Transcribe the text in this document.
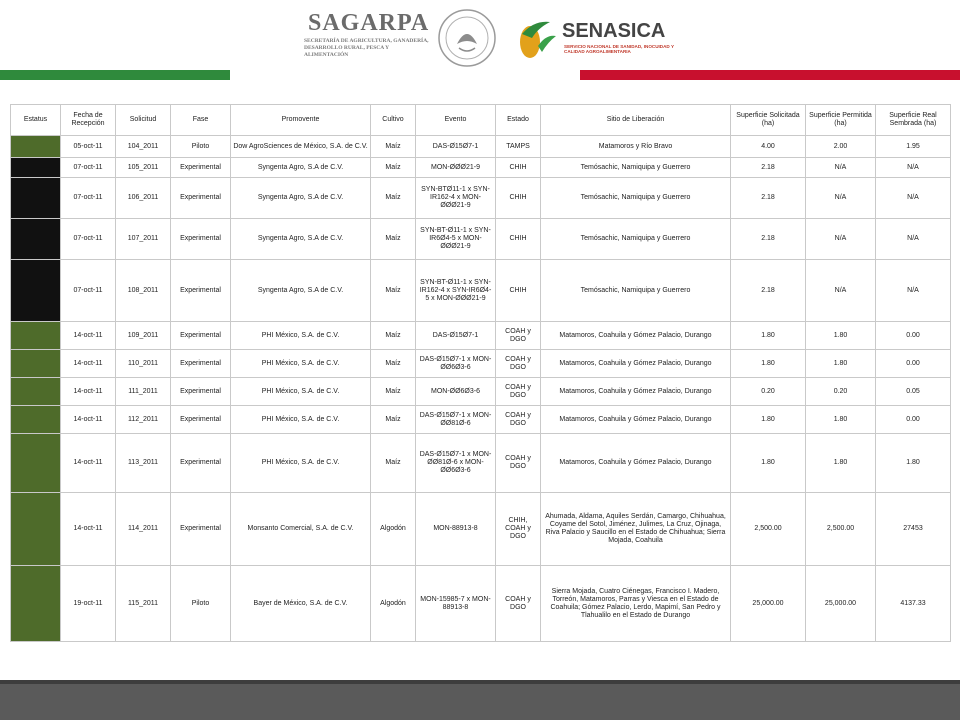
SAGARPA
SECRETARÍA DE AGRICULTURA, GANADERÍA, DESARROLLO RURAL, PESCA Y ALIMENTACIÓN
SENASICA
SERVICIO NACIONAL DE SANIDAD, INOCUIDAD Y CALIDAD AGROALIMENTARIA
Estatus	Fecha de Recepción	Solicitud	Fase	Promovente	Cultivo	Evento	Estado	Sitio de Liberación	Superficie Solicitada (ha)	Superficie Permitida (ha)	Superficie Real Sembrada (ha)

	05-oct-11	104_2011	Piloto	Dow AgroSciences de México, S.A. de C.V.	Maíz	DAS-Ø15Ø7-1	TAMPS	Matamoros y Río Bravo	4.00	2.00	1.95

	07-oct-11	105_2011	Experimental	Syngenta Agro, S.A de C.V.	Maíz	MON-ØØØ21-9	CHIH	Temósachic, Namiquipa y Guerrero	2.18	N/A	N/A

	07-oct-11	106_2011	Experimental	Syngenta Agro, S.A de C.V.	Maíz	SYN-BTØ11-1 x SYN-IR162-4 x MON-ØØØ21-9	CHIH	Temósachic, Namiquipa y Guerrero	2.18	N/A	N/A

	07-oct-11	107_2011	Experimental	Syngenta Agro, S.A de C.V.	Maíz	SYN-BT-Ø11-1 x SYN-IR6Ø4-5 x MON-ØØØ21-9	CHIH	Temósachic, Namiquipa y Guerrero	2.18	N/A	N/A

	07-oct-11	108_2011	Experimental	Syngenta Agro, S.A de C.V.	Maíz	SYN-BT-Ø11-1 x SYN-IR162-4 x SYN-IR6Ø4-5 x MON-ØØØ21-9	CHIH	Temósachic, Namiquipa y Guerrero	2.18	N/A	N/A

	14-oct-11	109_2011	Experimental	PHI México, S.A. de C.V.	Maíz	DAS-Ø15Ø7-1	COAH y DGO	Matamoros, Coahuila y Gómez Palacio, Durango	1.80	1.80	0.00

	14-oct-11	110_2011	Experimental	PHI México, S.A. de C.V.	Maíz	DAS-Ø15Ø7-1 x MON-ØØ6Ø3-6	COAH y DGO	Matamoros, Coahuila y Gómez Palacio, Durango	1.80	1.80	0.00

	14-oct-11	111_2011	Experimental	PHI México, S.A. de C.V.	Maíz	MON-ØØ6Ø3-6	COAH y DGO	Matamoros, Coahuila y Gómez Palacio, Durango	0.20	0.20	0.05

	14-oct-11	112_2011	Experimental	PHI México, S.A. de C.V.	Maíz	DAS-Ø15Ø7-1 x MON-ØØ81Ø-6	COAH y DGO	Matamoros, Coahuila y Gómez Palacio, Durango	1.80	1.80	0.00

	14-oct-11	113_2011	Experimental	PHI México, S.A. de C.V.	Maíz	DAS-Ø15Ø7-1 x MON-ØØ81Ø-6 x MON-ØØ6Ø3-6	COAH y DGO	Matamoros, Coahuila y Gómez Palacio, Durango	1.80	1.80	1.80

	14-oct-11	114_2011	Experimental	Monsanto Comercial, S.A. de C.V.	Algodón	MON-88913-8	CHIH, COAH y DGO	Ahumada, Aldama, Aquiles Serdán, Camargo, Chihuahua, Coyame del Sotol, Jiménez, Julimes, La Cruz, Ojinaga, Riva Palacio y Saucillo en el Estado de Chihuahua; Sierra Mojada, Coahuila	2,500.00	2,500.00	27453

	19-oct-11	115_2011	Piloto	Bayer de México, S.A. de C.V.	Algodón	MON-15985-7 x MON-88913-8	COAH y DGO	Sierra Mojada, Cuatro Ciénegas, Francisco I. Madero, Torreón, Matamoros, Parras y Viesca en el Estado de Coahuila; Gómez Palacio, Lerdo, Mapimí, San Pedro y Tlahualilo en el Estado de Durango	25,000.00	25,000.00	4137.33
